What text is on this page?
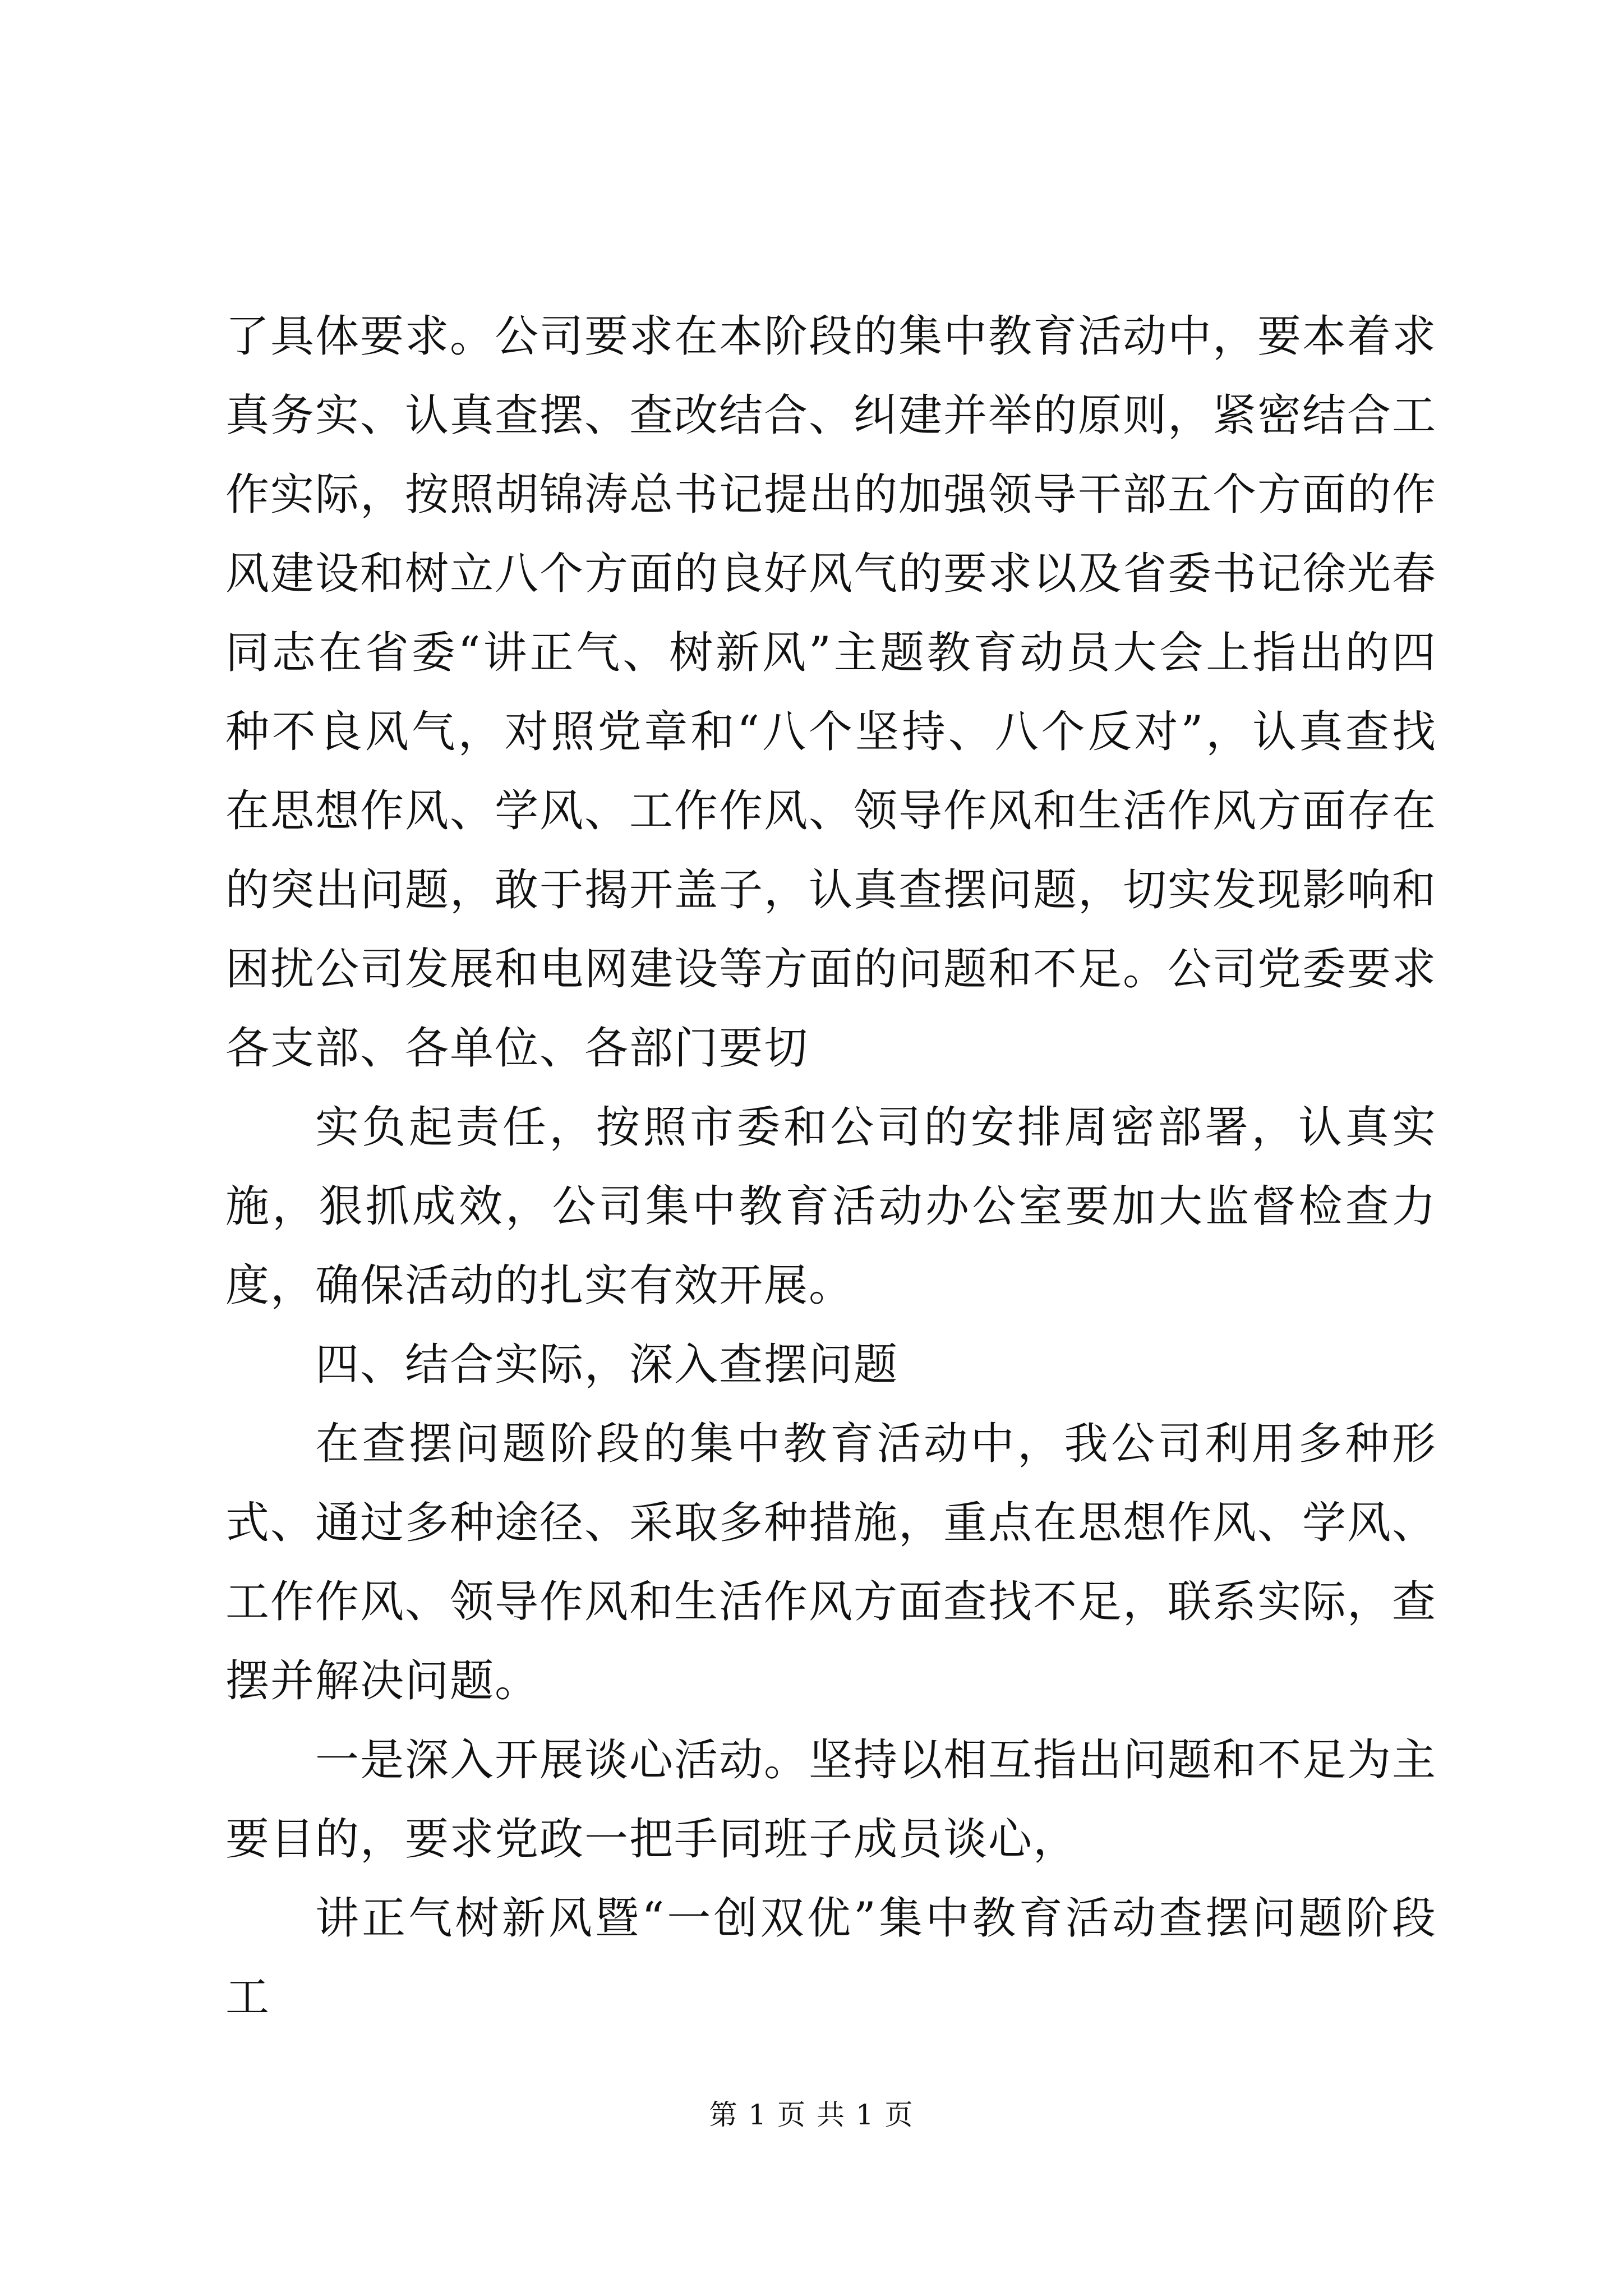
了具体要求。公司要求在本阶段的集中教育活动中，要本着求真务实、认真查摆、查改结合、纠建并举的原则，紧密结合工作实际，按照胡锦涛总书记提出的加强领导干部五个方面的作风建设和树立八个方面的良好风气的要求以及省委书记徐光春同志在省委“讲正气、树新风”主题教育动员大会上指出的四种不良风气，对照党章和“八个坚持、八个反对”，认真查找在思想作风、学风、工作作风、领导作风和生活作风方面存在的突出问题，敢于揭开盖子，认真查摆问题，切实发现影响和困扰公司发展和电网建设等方面的问题和不足。公司党委要求各支部、各单位、各部门要切

实负起责任，按照市委和公司的安排周密部署，认真实施，狠抓成效，公司集中教育活动办公室要加大监督检查力度，确保活动的扎实有效开展。

四、结合实际，深入查摆问题

在查摆问题阶段的集中教育活动中，我公司利用多种形式、通过多种途径、采取多种措施，重点在思想作风、学风、工作作风、领导作风和生活作风方面查找不足，联系实际，查摆并解决问题。

一是深入开展谈心活动。坚持以相互指出问题和不足为主要目的，要求党政一把手同班子成员谈心，

讲正气树新风暨“一创双优”集中教育活动查摆问题阶段工

第 1 页 共 1 页
